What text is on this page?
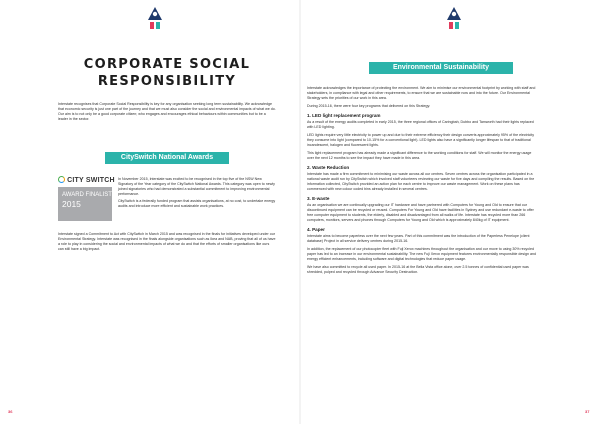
CORPORATE SOCIAL
RESPONSIBILITY

Interstate recognises that Corporate Social Responsibility is key for any organisation seeking long term sustainability. We acknowledge that economic security is just one part of the journey and that we must also consider the social and environmental impacts of what we do. Our aim is to not only be a good corporate citizen; who engages and encourages ethical behaviours within communities but to be a leader in the sector.

CitySwitch National Awards
CITY SWITCH
AWARD FINALIST
2015

In November 2015, Interstate was excited to be recognised in the top five of the NSW New Signatory of the Year category of the CitySwitch National Awards. This category was open to newly joined signatories who had demonstrated a substantial commitment to improving environmental performance.

CitySwitch is a federally funded program that assists organisations, at no cost, to undertake energy audits and introduce more efficient and sustainable work practices.

Interstate signed a Commitment to Act with CitySwitch in March 2015 and was recognised in the finals for initiatives developed under our Environmental Strategy. Interstate was recognised in the finals alongside organisations such as Ikea and NAB, proving that all of us have a role to play in considering the social and environmental impacts of what we do and that the efforts of smaller organisations like ours can still have a big impact.

Environmental Sustainability

Interstate acknowledges the importance of protecting the environment. We aim to minimise our environmental footprint by working with staff and stakeholders, in compliance with legal and other requirements, to ensure that we are sustainable now and into the future. Our Environmental Strategy sets the priorities of our work in this area.

During 2015-16, there were four key programs that delivered on this Strategy:

1. LED light replacement program

As a result of the energy audits completed in early 2015, the three regional offices of Caringbah, Dubbo and Tamworth had their lights replaced with LED lighting.

LED lights require very little electricity to power up and due to their extreme efficiency their design converts approximately 95% of the electricity they consume into light (compared to 10-15% for a conventional light). LED lights also have a significantly longer lifespan to that of traditional incandescent, halogen and fluorescent lights.

This light replacement program has already made a significant difference to the working conditions for staff. We will monitor the energy usage over the next 12 months to see the impact they have made in this area.

2. Waste Reduction

Interstate has made a firm commitment to minimising our waste across all our centres. Seven centres across the organisation participated in a national waste audit run by CitySwitch which involved staff volunteers reviewing our waste for five days and compiling the results. Based on the information collected, CitySwitch provided an action plan for each centre to improve our waste management. Work on these plans has commenced with new colour coded bins already installed in several centres.

3. E-waste

As an organisation we are continually upgrading our IT hardware and have partnered with Computers for Young and Old to ensure that our discontinued equipment can be recycled or reused. Computers For Young and Old have facilities in Sydney and use redundant e-waste to offer free computer equipment to students, the elderly, disabled and disadvantaged from all walks of life. Interstate has recycled more than 266 computers, monitors, servers and phones through Computers for Young and Old which is approximately 840kg of IT equipment.

4. Paper

Interstate aims to become paperless over the next few years. Part of this commitment was the introduction of the Paperless Penelope (client database) Project in all service delivery centres during 2015-16.

In addition, the replacement of our photocopier fleet with Fuji Xerox machines throughout the organisation and our move to using 30% recycled paper has led to an increase in our environmental sustainability. The new Fuji Xerox equipment features environmentally responsible design and energy efficient enhancements, including software and digital technologies that reduce paper usage.

We have also committed to recycle all used paper. In 2015-16 at the Bella Vista office alone, over 2.5 tonnes of confidential used paper was shredded, pulped and recycled through Advance Security Destruction.

36	37
